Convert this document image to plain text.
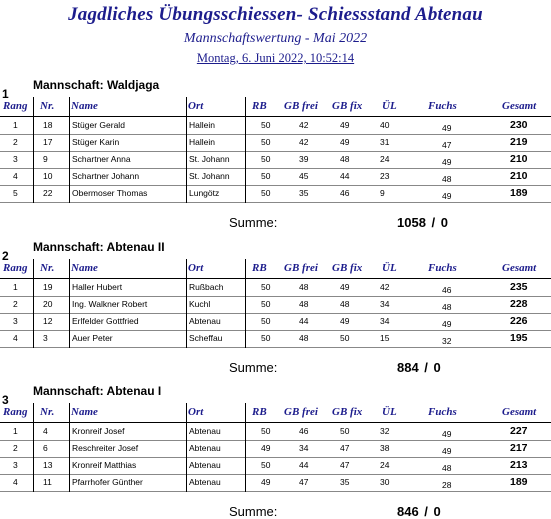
Jagdliches Übungsschiessen- Schiessstand Abtenau
Mannschaftswertung - Mai 2022
Montag, 6. Juni 2022, 10:52:14
1
Mannschaft: Waldjaga
Rang Nr. Name	Ort	RB GB frei GB fix ÜL	Fuchs	Gesamt
1	18 Stüger Gerald	Hallein	50	42	49	40	49	230
2	17 Stüger Karin	Hallein	50	42	49	31	47	219
3	9	Schartner Anna	St. Johann	50	39	48	24	49	210
4	10 Schartner Johann	St. Johann	50	45	44	23	48	210
5	22 Obermoser Thomas	Lungötz	50	35	46	9	49	189
Summe:	1058 / 0
2
Mannschaft: Abtenau II
Rang Nr. Name	Ort	RB GB frei GB fix ÜL	Fuchs	Gesamt
1	19 Haller Hubert	Rußbach	50	48	49	42	46	235
2	20 Ing. Walkner Robert	Kuchl	50	48	48	34	48	228
3	12 Erlfelder Gottfried	Abtenau	50	44	49	34	49	226
4	3	Auer Peter	Scheffau	50	48	50	15	32	195
Summe:	884 / 0
3
Mannschaft: Abtenau I
Rang Nr. Name	Ort	RB GB frei GB fix ÜL	Fuchs	Gesamt
1	4	Kronreif Josef	Abtenau	50	46	50	32	49	227
2	6	Reschreiter Josef	Abtenau	49	34	47	38	49	217
3	13 Kronreif Matthias	Abtenau	50	44	47	24	48	213
4	11 Pfarrhofer Günther	Abtenau	49	47	35	30	28	189
Summe:	846 / 0
